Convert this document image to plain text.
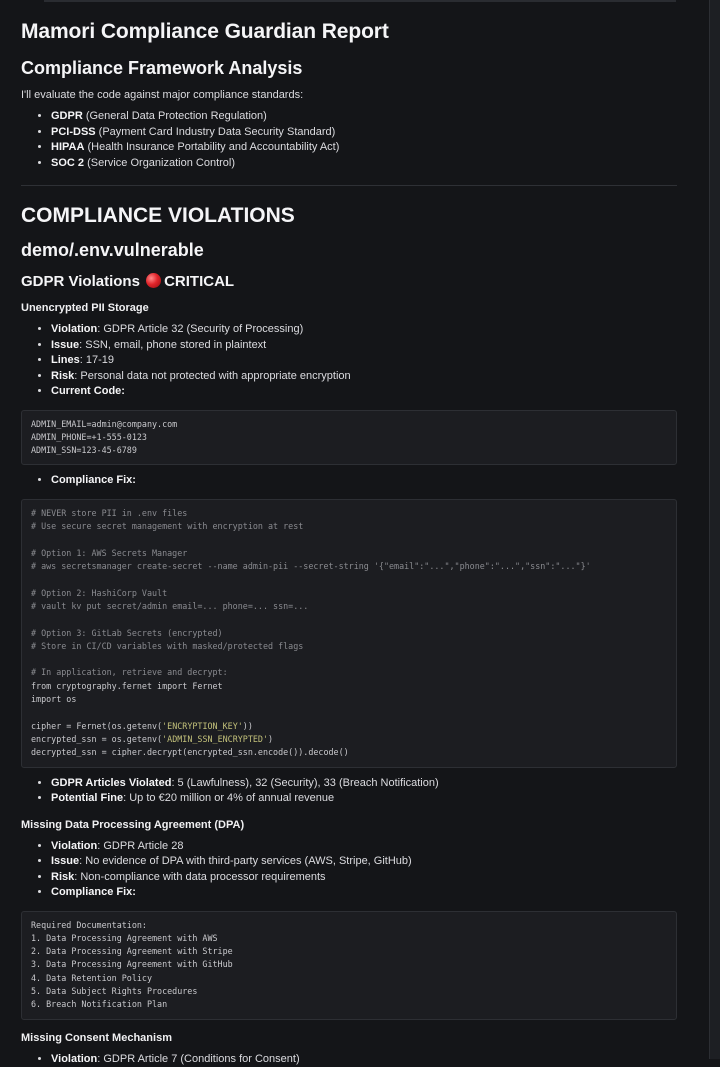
Mamori Compliance Guardian Report
Compliance Framework Analysis

I'll evaluate the code against major compliance standards:

• GDPR (General Data Protection Regulation)
• PCI-DSS (Payment Card Industry Data Security Standard)
• HIPAA (Health Insurance Portability and Accountability Act)
• SOC 2 (Service Organization Control)
COMPLIANCE VIOLATIONS
demo/.env.vulnerable
GDPR Violations CRITICAL
Unencrypted PII Storage
• Violation: GDPR Article 32 (Security of Processing)
• Issue: SSN, email, phone stored in plaintext
• Lines: 17-19
• Risk: Personal data not protected with appropriate encryption
• Current Code:
ADMIN_EMAIL=admin@company.com
ADMIN_PHONE=+1-555-0123
ADMIN_SSN=123-45-6789
• Compliance Fix:
# NEVER store PII in .env files
# Use secure secret management with encryption at rest
# Option 1: AWS Secrets Manager
# aws secretsmanager create-secret --name admin-pii --secret-string '{"email":"...","phone":"...","ssn":"..."}'
# Option 2: HashiCorp Vault
# vault kv put secret/admin email=... phone=... ssn=...
# Option 3: GitLab Secrets (encrypted)
# Store in CI/CD variables with masked/protected flags
# In application, retrieve and decrypt:
from cryptography.fernet import Fernet
import os
cipher = Fernet(os.getenv('ENCRYPTION_KEY'))
encrypted_ssn = os.getenv('ADMIN_SSN_ENCRYPTED')
decrypted_ssn = cipher.decrypt(encrypted_ssn.encode()).decode()
• GDPR Articles Violated: 5 (Lawfulness), 32 (Security), 33 (Breach Notification)
• Potential Fine: Up to €20 million or 4% of annual revenue
Missing Data Processing Agreement (DPA)
• Violation: GDPR Article 28
• Issue: No evidence of DPA with third-party services (AWS, Stripe, GitHub)
• Risk: Non-compliance with data processor requirements
• Compliance Fix:
Required Documentation:
1. Data Processing Agreement with AWS
2. Data Processing Agreement with Stripe
3. Data Processing Agreement with GitHub
4. Data Retention Policy
5. Data Subject Rights Procedures
6. Breach Notification Plan
Missing Consent Mechanism
• Violation: GDPR Article 7 (Conditions for Consent)
